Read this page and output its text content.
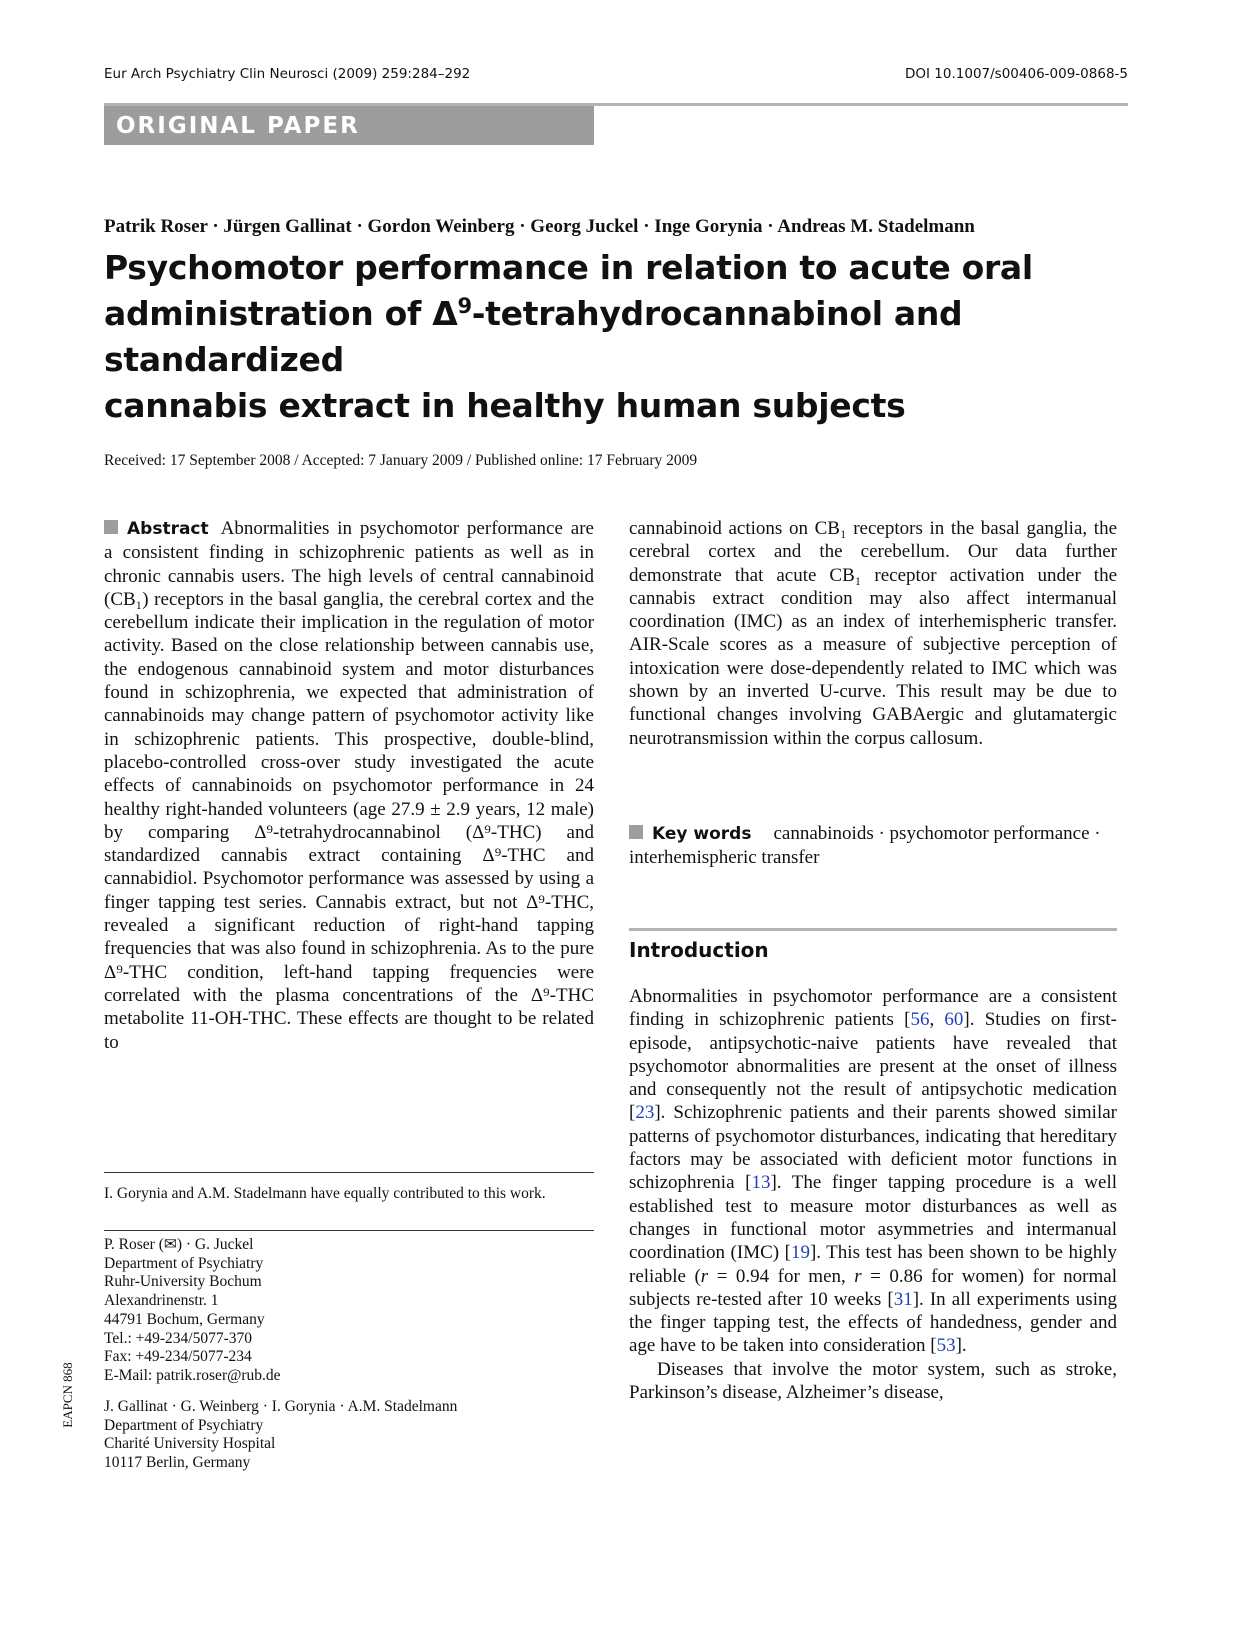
Eur Arch Psychiatry Clin Neurosci (2009) 259:284–292	DOI 10.1007/s00406-009-0868-5
ORIGINAL PAPER
Patrik Roser · Jürgen Gallinat · Gordon Weinberg · Georg Juckel · Inge Gorynia · Andreas M. Stadelmann
Psychomotor performance in relation to acute oral
administration of $\Delta^9$-tetrahydrocannabinol and standardized
cannabis extract in healthy human subjects
Received: 17 September 2008 / Accepted: 7 January 2009 / Published online: 17 February 2009

Abstract Abnormalities in psychomotor performance are a consistent finding in schizophrenic patients as well as in chronic cannabis users. The high levels of central cannabinoid (CB₁) receptors in the basal ganglia, the cerebral cortex and the cerebellum indicate their implication in the regulation of motor activity. Based on the close relationship between cannabis use, the endogenous cannabinoid system and motor disturbances found in schizophrenia, we expected that administration of cannabinoids may change pattern of psychomotor activity like in schizophrenic patients. This prospective, double-blind, placebo-controlled cross-over study investigated the acute effects of cannabinoids on psychomotor performance in 24 healthy right-handed volunteers (age 27.9 ± 2.9 years, 12 male) by comparing Δ⁹-tetrahydrocannabinol (Δ⁹-THC) and standardized cannabis extract containing Δ⁹-THC and cannabidiol. Psychomotor performance was assessed by using a finger tapping test series. Cannabis extract, but not Δ⁹-THC, revealed a significant reduction of right-hand tapping frequencies that was also found in schizophrenia. As to the pure Δ⁹-THC condition, left-hand tapping frequencies were correlated with the plasma concentrations of the Δ⁹-THC metabolite 11-OH-THC. These effects are thought to be related to

cannabinoid actions on CB₁ receptors in the basal ganglia, the cerebral cortex and the cerebellum. Our data further demonstrate that acute CB₁ receptor activation under the cannabis extract condition may also affect intermanual coordination (IMC) as an index of interhemispheric transfer. AIR-Scale scores as a measure of subjective perception of intoxication were dose-dependently related to IMC which was shown by an inverted U-curve. This result may be due to functional changes involving GABAergic and glutamatergic neurotransmission within the corpus callosum.

Key words cannabinoids · psychomotor performance · interhemispheric transfer

Introduction

Abnormalities in psychomotor performance are a consistent finding in schizophrenic patients [56, 60]. Studies on first-episode, antipsychotic-naive patients have revealed that psychomotor abnormalities are present at the onset of illness and consequently not the result of antipsychotic medication [23]. Schizophrenic patients and their parents showed similar patterns of psychomotor disturbances, indicating that hereditary factors may be associated with deficient motor functions in schizophrenia [13]. The finger tapping procedure is a well established test to measure motor disturbances as well as changes in functional motor asymmetries and intermanual coordination (IMC) [19]. This test has been shown to be highly reliable (r = 0.94 for men, r = 0.86 for women) for normal subjects re-tested after 10 weeks [31]. In all experiments using the finger tapping test, the effects of handedness, gender and age have to be taken into consideration [53].

Diseases that involve the motor system, such as stroke, Parkinson’s disease, Alzheimer’s disease,

I. Gorynia and A.M. Stadelmann have equally contributed to this work.
P. Roser (✉) · G. Juckel
Department of Psychiatry
Ruhr-University Bochum
Alexandrinenstr. 1
44791 Bochum, Germany
Tel.: +49-234/5077-370
Fax: +49-234/5077-234
E-Mail: patrik.roser@rub.de
J. Gallinat · G. Weinberg · I. Gorynia · A.M. Stadelmann
Department of Psychiatry
Charité University Hospital
10117 Berlin, Germany
EAPCN 868
